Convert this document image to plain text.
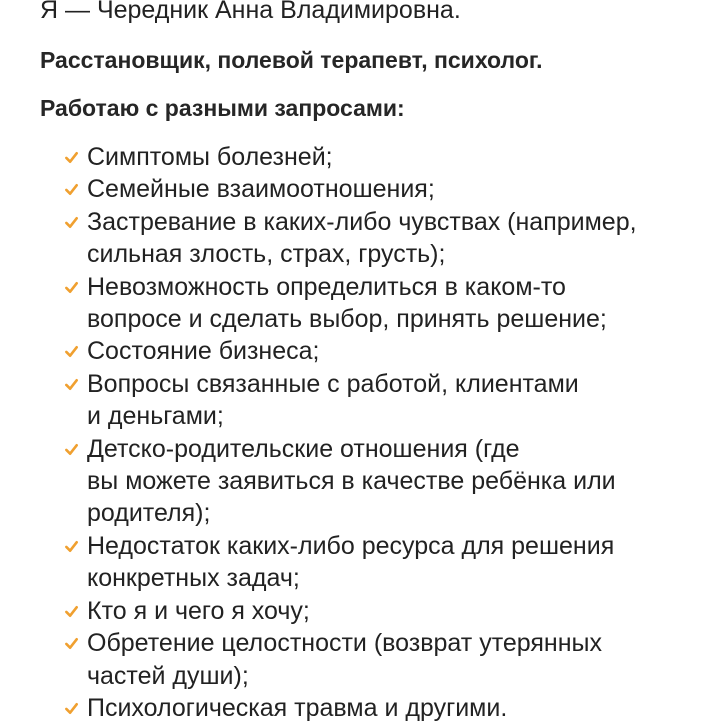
Я — Чередник Анна Владимировна.

Расстановщик, полевой терапевт, психолог.

Работаю с разными запросами:

Симптомы болезней;
Семейные взаимоотношения;
Застревание в каких-либо чувствах (например,
сильная злость, страх, грусть);
Невозможность определиться в каком-то
вопросе и сделать выбор, принять решение;
Состояние бизнеса;
Вопросы связанные с работой, клиентами
и деньгами;
Детско-родительские отношения (где
вы можете заявиться в качестве ребёнка или
родителя);
Недостаток каких-либо ресурса для решения
конкретных задач;
Кто я и чего я хочу;
Обретение целостности (возврат утерянных
частей души);
Психологическая травма и другими.
